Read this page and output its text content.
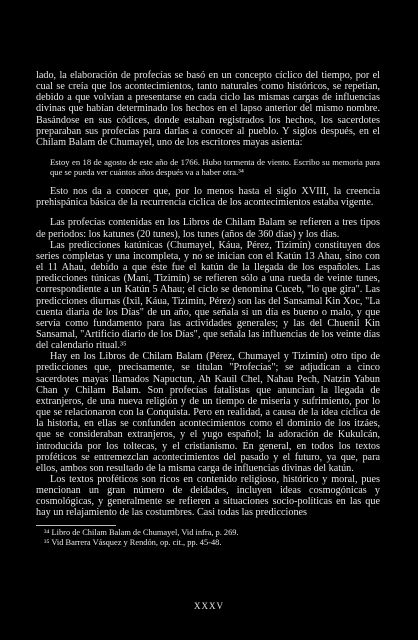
lado, la elaboración de profecías se basó en un concepto cíclico del tiempo, por el cual se creía que los acontecimientos, tanto naturales como históricos, se repetían, debido a que volvían a presentarse en cada ciclo las mismas cargas de influencias divinas que habían determinado los hechos en el lapso anterior del mismo nombre. Basándose en sus códices, donde estaban registrados los hechos, los sacerdotes preparaban sus profecías para darlas a conocer al pueblo. Y siglos después, en el Chilam Balam de Chumayel, uno de los escritores mayas asienta:

Estoy en 18 de agosto de este año de 1766. Hubo tormenta de viento. Escribo su memoria para que se pueda ver cuántos años después va a haber otra.³⁴

Esto nos da a conocer que, por lo menos hasta el siglo XVIII, la creencia prehispánica básica de la recurrencia cíclica de los acontecimientos estaba vigente.

Las profecías contenidas en los Libros de Chilam Balam se refieren a tres tipos de periodos: los katunes (20 tunes), los tunes (años de 360 días) y los días.

Las predicciones katúnicas (Chumayel, Káua, Pérez, Tizimín) constituyen dos series completas y una incompleta, y no se inician con el Katún 13 Ahau, sino con el 11 Ahau, debido a que éste fue el katún de la llegada de los españoles. Las predicciones túnicas (Maní, Tizimín) se refieren sólo a una rueda de veinte tunes, correspondiente a un Katún 5 Ahau; el ciclo se denomina Cuceb, "lo que gira". Las predicciones diurnas (Ixil, Káua, Tizimín, Pérez) son las del Sansamal Kin Xoc, "La cuenta diaria de los Días" de un año, que señala si un día es bueno o malo, y que servía como fundamento para las actividades generales; y las del Chuenil Kin Sansamal, "Artificio diario de los Días", que señala las influencias de los veinte días del calendario ritual.³⁵

Hay en los Libros de Chilam Balam (Pérez, Chumayel y Tizimín) otro tipo de predicciones que, precisamente, se titulan "Profecías"; se adjudican a cinco sacerdotes mayas llamados Napuctun, Ah Kauil Chel, Nahau Pech, Natzin Yabun Chan y Chilam Balam. Son profecías fatalistas que anuncian la llegada de extranjeros, de una nueva religión y de un tiempo de miseria y sufrimiento, por lo que se relacionaron con la Conquista. Pero en realidad, a causa de la idea cíclica de la historia, en ellas se confunden acontecimientos como el dominio de los itzáes, que se consideraban extranjeros, y el yugo español; la adoración de Kukulcán, introducida por los toltecas, y el cristianismo. En general, en todos los textos proféticos se entremezclan acontecimientos del pasado y el futuro, ya que, para ellos, ambos son resultado de la misma carga de influencias divinas del katún.

Los textos proféticos son ricos en contenido religioso, histórico y moral, pues mencionan un gran número de deidades, incluyen ideas cosmogónicas y cosmológicas, y generalmente se refieren a situaciones socio-políticas en las que hay un relajamiento de las costumbres. Casi todas las predicciones

³⁴ Libro de Chilam Balam de Chumayel, Vid infra, p. 269.

³⁵ Vid Barrera Vásquez y Rendón, op. cit., pp. 45-48.

XXXV
